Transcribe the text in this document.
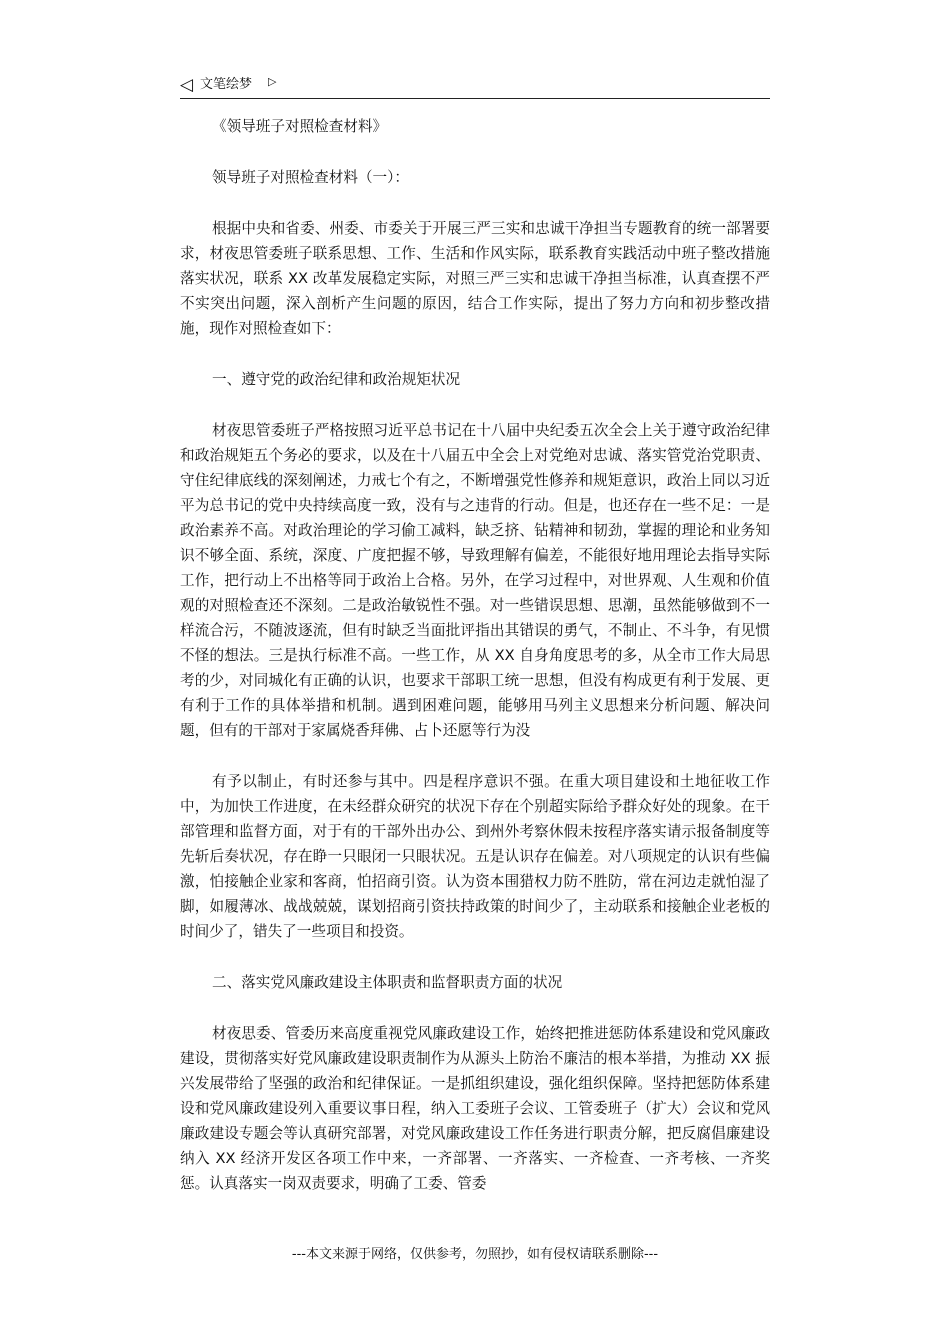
◁ 文笔绘梦 ▷

《领导班子对照检查材料》

领导班子对照检查材料（一）：

根据中央和省委、州委、市委关于开展三严三实和忠诚干净担当专题教育的统一部署要求，材夜思管委班子联系思想、工作、生活和作风实际，联系教育实践活动中班子整改措施落实状况，联系 XX 改革发展稳定实际，对照三严三实和忠诚干净担当标准，认真查摆不严不实突出问题，深入剖析产生问题的原因，结合工作实际，提出了努力方向和初步整改措施，现作对照检查如下：

一、遵守党的政治纪律和政治规矩状况

材夜思管委班子严格按照习近平总书记在十八届中央纪委五次全会上关于遵守政治纪律和政治规矩五个务必的要求，以及在十八届五中全会上对党绝对忠诚、落实管党治党职责、守住纪律底线的深刻阐述，力戒七个有之，不断增强党性修养和规矩意识，政治上同以习近平为总书记的党中央持续高度一致，没有与之违背的行动。但是，也还存在一些不足：一是政治素养不高。对政治理论的学习偷工减料，缺乏挤、钻精神和韧劲，掌握的理论和业务知识不够全面、系统，深度、广度把握不够，导致理解有偏差，不能很好地用理论去指导实际工作，把行动上不出格等同于政治上合格。另外，在学习过程中，对世界观、人生观和价值观的对照检查还不深刻。二是政治敏锐性不强。对一些错误思想、思潮，虽然能够做到不一样流合污，不随波逐流，但有时缺乏当面批评指出其错误的勇气，不制止、不斗争，有见惯不怪的想法。三是执行标准不高。一些工作，从 XX 自身角度思考的多，从全市工作大局思考的少，对同城化有正确的认识，也要求干部职工统一思想，但没有构成更有利于发展、更有利于工作的具体举措和机制。遇到困难问题，能够用马列主义思想来分析问题、解决问题，但有的干部对于家属烧香拜佛、占卜还愿等行为没

有予以制止，有时还参与其中。四是程序意识不强。在重大项目建设和土地征收工作中，为加快工作进度，在未经群众研究的状况下存在个别超实际给予群众好处的现象。在干部管理和监督方面，对于有的干部外出办公、到州外考察休假未按程序落实请示报备制度等先斩后奏状况，存在睁一只眼闭一只眼状况。五是认识存在偏差。对八项规定的认识有些偏激，怕接触企业家和客商，怕招商引资。认为资本围猎权力防不胜防，常在河边走就怕湿了脚，如履薄冰、战战兢兢，谋划招商引资扶持政策的时间少了，主动联系和接触企业老板的时间少了，错失了一些项目和投资。

二、落实党风廉政建设主体职责和监督职责方面的状况

材夜思委、管委历来高度重视党风廉政建设工作，始终把推进惩防体系建设和党风廉政建设，贯彻落实好党风廉政建设职责制作为从源头上防治不廉洁的根本举措，为推动 XX 振兴发展带给了坚强的政治和纪律保证。一是抓组织建设，强化组织保障。坚持把惩防体系建设和党风廉政建设列入重要议事日程，纳入工委班子会议、工管委班子（扩大）会议和党风廉政建设专题会等认真研究部署，对党风廉政建设工作任务进行职责分解，把反腐倡廉建设纳入 XX 经济开发区各项工作中来，一齐部署、一齐落实、一齐检查、一齐考核、一齐奖惩。认真落实一岗双责要求，明确了工委、管委

---本文来源于网络，仅供参考，勿照抄，如有侵权请联系删除---
